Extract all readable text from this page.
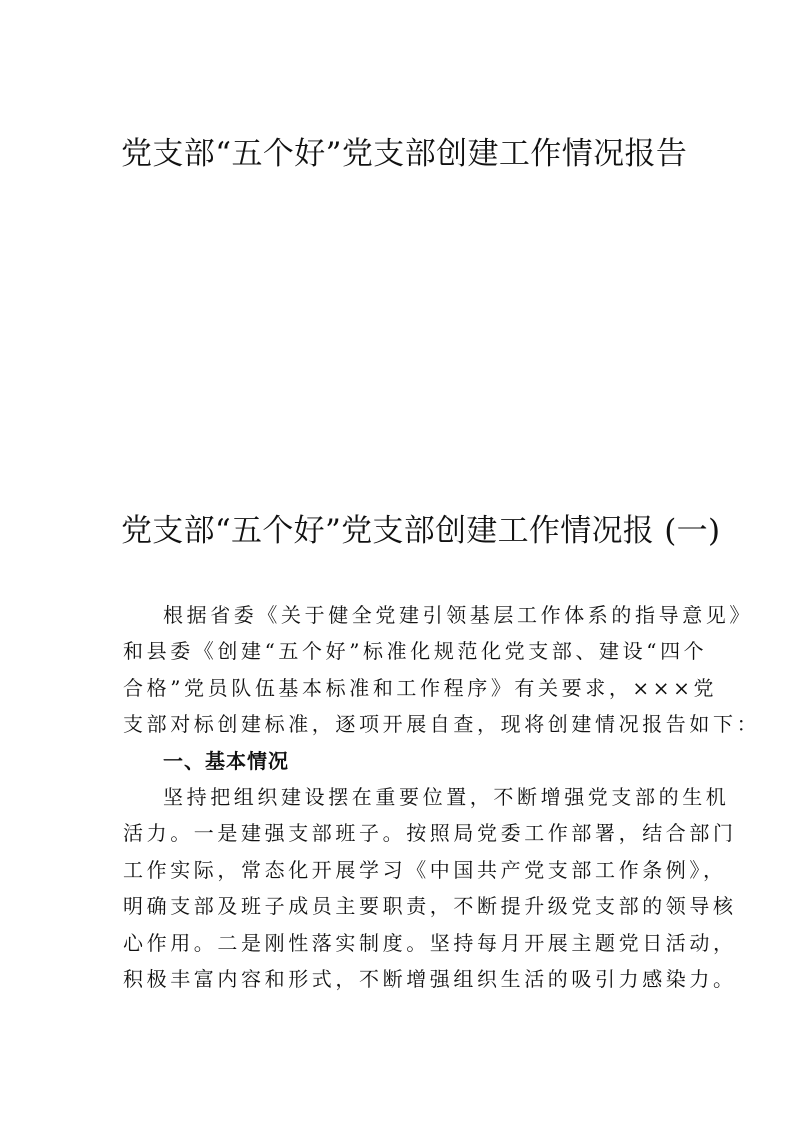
党支部“五个好”党支部创建工作情况报告
党支部“五个好”党支部创建工作情况报 (一)
根据省委《关于健全党建引领基层工作体系的指导意见》
和县委《创建“五个好”标准化规范化党支部、建设“四个
合格”党员队伍基本标准和工作程序》有关要求，×××党
支部对标创建标准，逐项开展自查，现将创建情况报告如下：
一、基本情况
坚持把组织建设摆在重要位置，不断增强党支部的生机
活力。一是建强支部班子。按照局党委工作部署，结合部门
工作实际，常态化开展学习《中国共产党支部工作条例》，
明确支部及班子成员主要职责，不断提升级党支部的领导核
心作用。二是刚性落实制度。坚持每月开展主题党日活动，
积极丰富内容和形式，不断增强组织生活的吸引力感染力。
